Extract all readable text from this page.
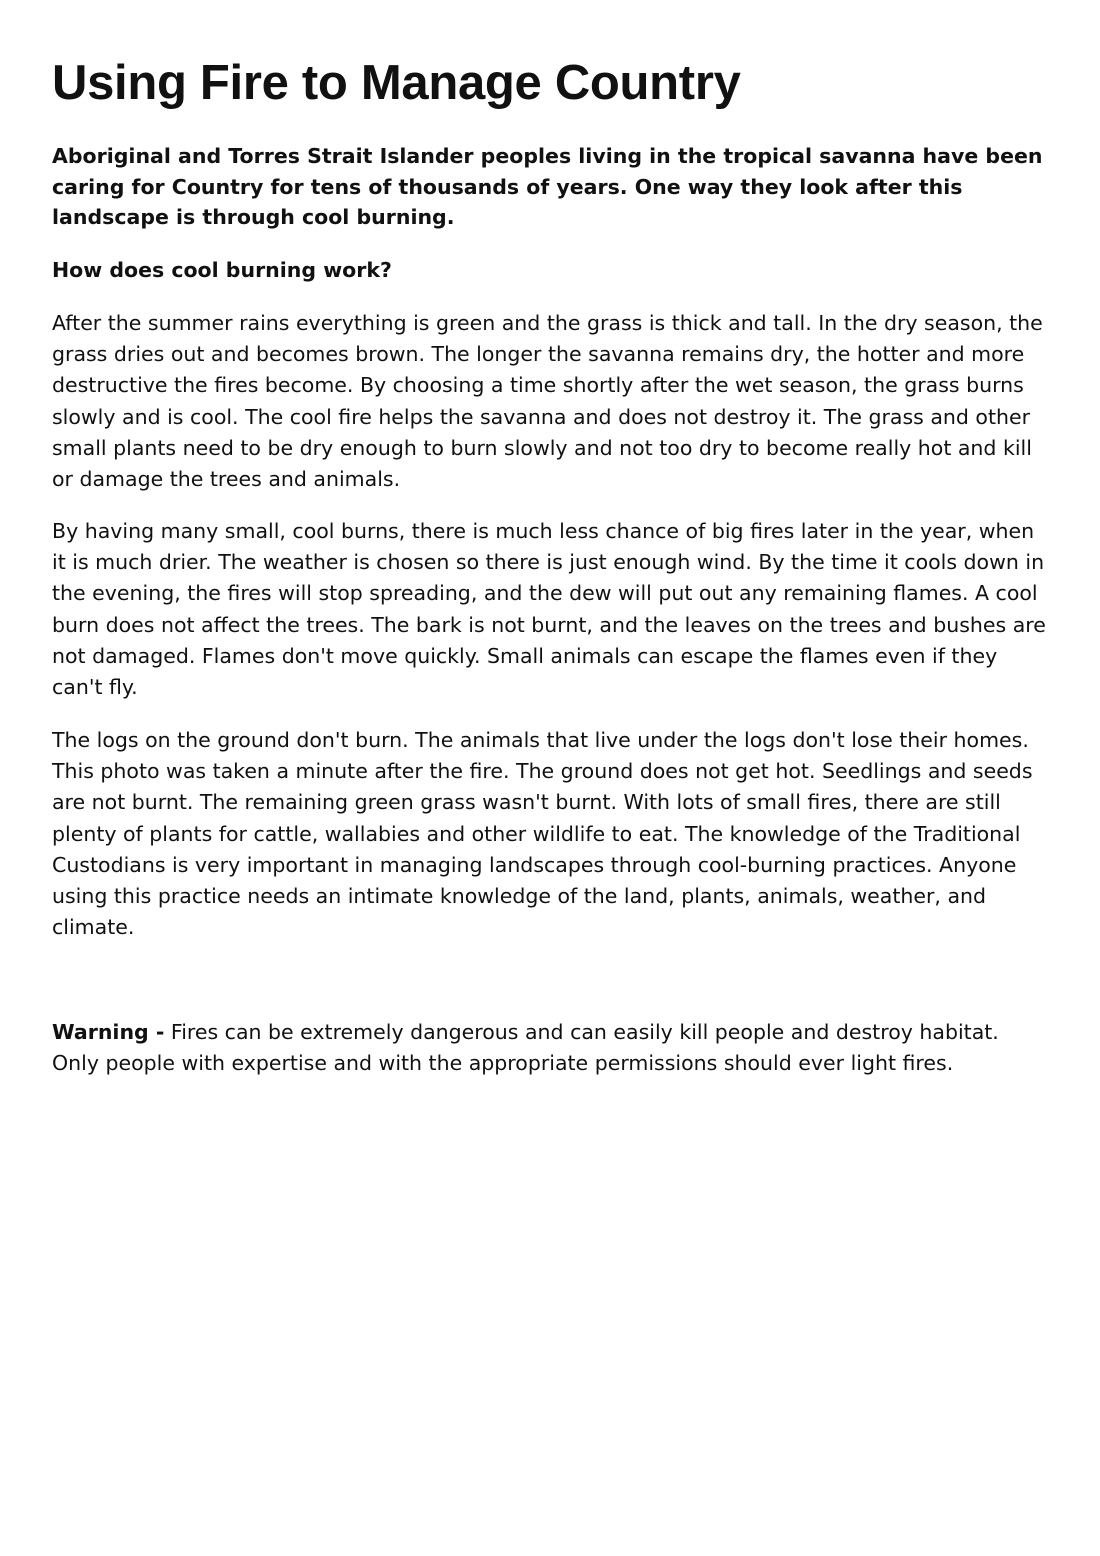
Using Fire to Manage Country

Aboriginal and Torres Strait Islander peoples living in the tropical savanna have been caring for Country for tens of thousands of years. One way they look after this landscape is through cool burning.

How does cool burning work?

After the summer rains everything is green and the grass is thick and tall. In the dry season, the grass dries out and becomes brown. The longer the savanna remains dry, the hotter and more destructive the fires become. By choosing a time shortly after the wet season, the grass burns slowly and is cool. The cool fire helps the savanna and does not destroy it. The grass and other small plants need to be dry enough to burn slowly and not too dry to become really hot and kill or damage the trees and animals.

By having many small, cool burns, there is much less chance of big fires later in the year, when it is much drier. The weather is chosen so there is just enough wind. By the time it cools down in the evening, the fires will stop spreading, and the dew will put out any remaining flames. A cool burn does not affect the trees. The bark is not burnt, and the leaves on the trees and bushes are not damaged. Flames don't move quickly. Small animals can escape the flames even if they can't fly.

The logs on the ground don't burn. The animals that live under the logs don't lose their homes. This photo was taken a minute after the fire. The ground does not get hot. Seedlings and seeds are not burnt. The remaining green grass wasn't burnt. With lots of small fires, there are still plenty of plants for cattle, wallabies and other wildlife to eat. The knowledge of the Traditional Custodians is very important in managing landscapes through cool-burning practices. Anyone using this practice needs an intimate knowledge of the land, plants, animals, weather, and climate.

Warning - Fires can be extremely dangerous and can easily kill people and destroy habitat. Only people with expertise and with the appropriate permissions should ever light fires.
